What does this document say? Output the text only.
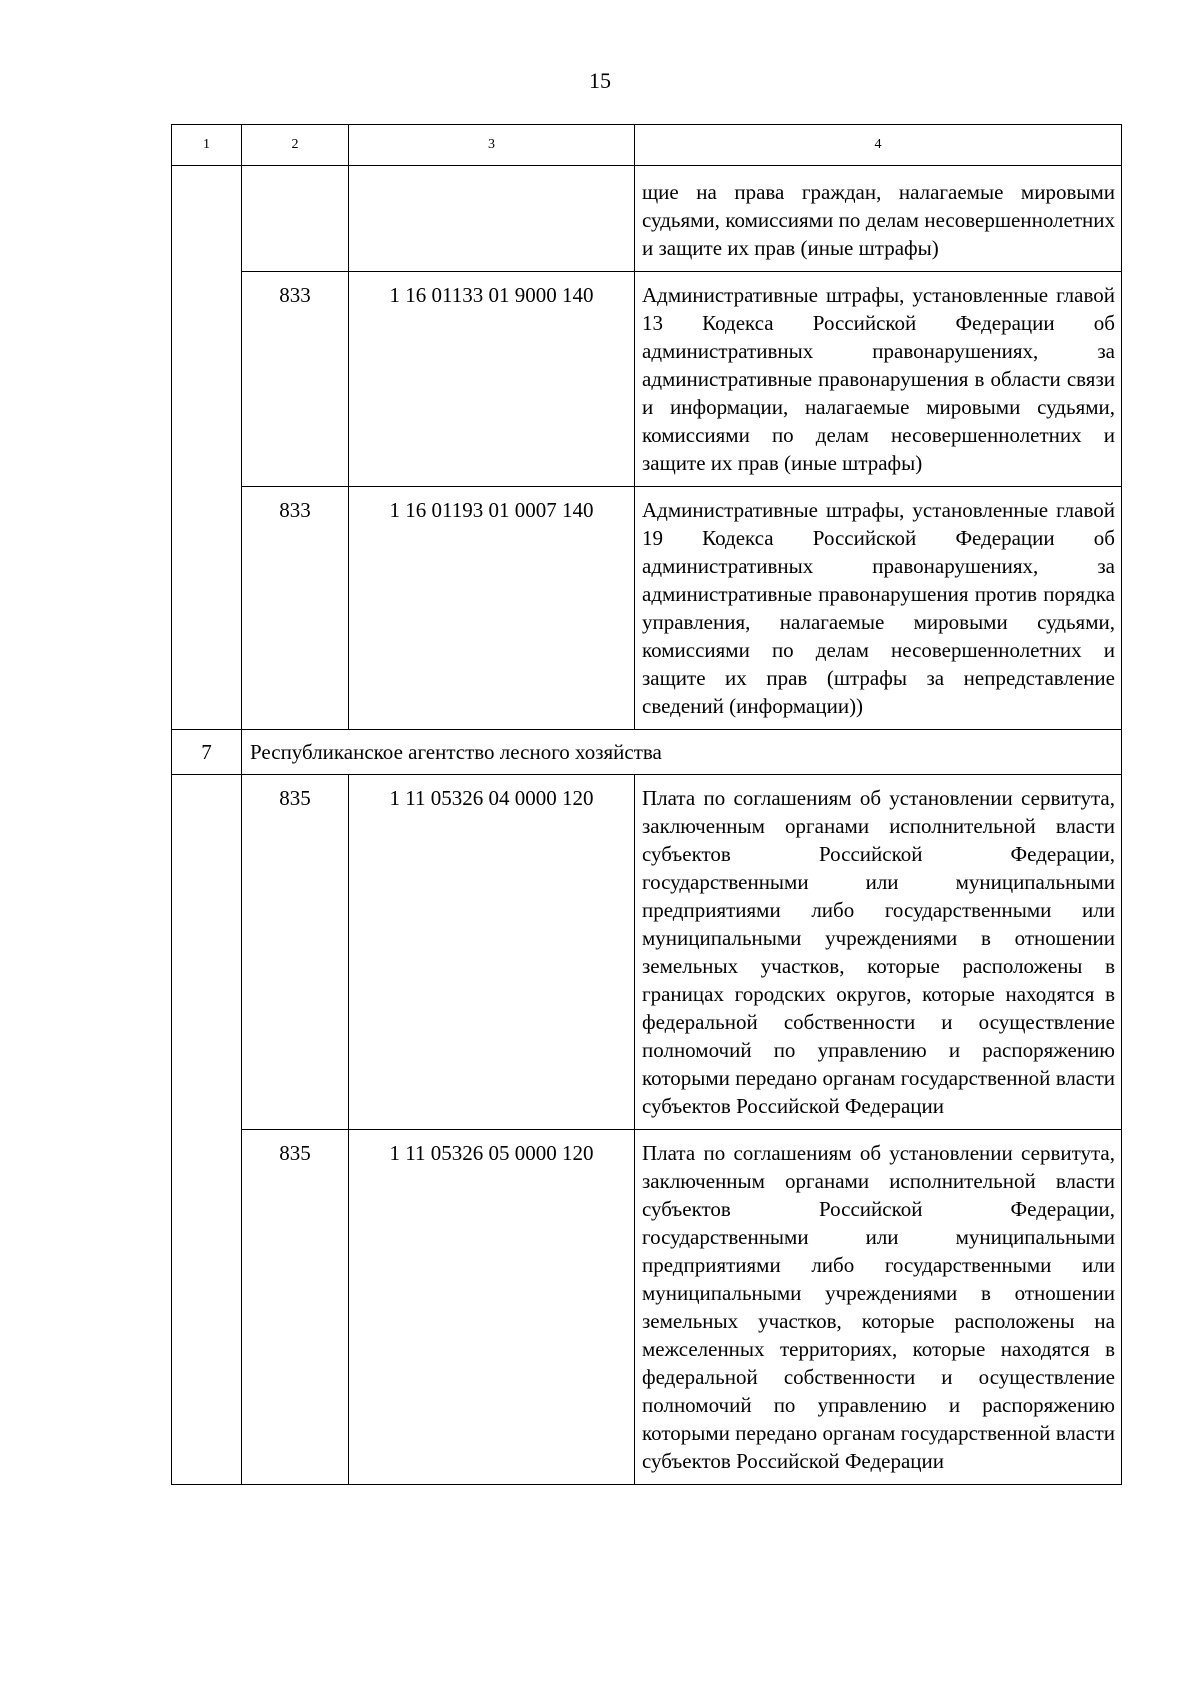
15
1	2	3	4
			щие на права граждан, налагаемые мировыми судьями, комиссиями по делам несовершеннолетних и защите их прав (иные штрафы)
	833	1 16 01133 01 9000 140	Административные штрафы, установленные главой 13 Кодекса Российской Федерации об административных правонарушениях, за административные правонарушения в области связи и информации, налагаемые мировыми судьями, комиссиями по делам несовершеннолетних и защите их прав (иные штрафы)
	833	1 16 01193 01 0007 140	Административные штрафы, установленные главой 19 Кодекса Российской Федерации об административных правонарушениях, за административные правонарушения против порядка управления, налагаемые мировыми судьями, комиссиями по делам несовершеннолетних и защите их прав (штрафы за непредставление сведений (информации))
7	Республиканское агентство лесного хозяйства		
	835	1 11 05326 04 0000 120	Плата по соглашениям об установлении сервитута, заключенным органами исполнительной власти субъектов Российской Федерации, государственными или муниципальными предприятиями либо государственными или муниципальными учреждениями в отношении земельных участков, которые расположены в границах городских округов, которые находятся в федеральной собственности и осуществление полномочий по управлению и распоряжению которыми передано органам государственной власти субъектов Российской Федерации
	835	1 11 05326 05 0000 120	Плата по соглашениям об установлении сервитута, заключенным органами исполнительной власти субъектов Российской Федерации, государственными или муниципальными предприятиями либо государственными или муниципальными учреждениями в отношении земельных участков, которые расположены на межселенных территориях, которые находятся в федеральной собственности и осуществление полномочий по управлению и распоряжению которыми передано органам государственной власти субъектов Российской Федерации
